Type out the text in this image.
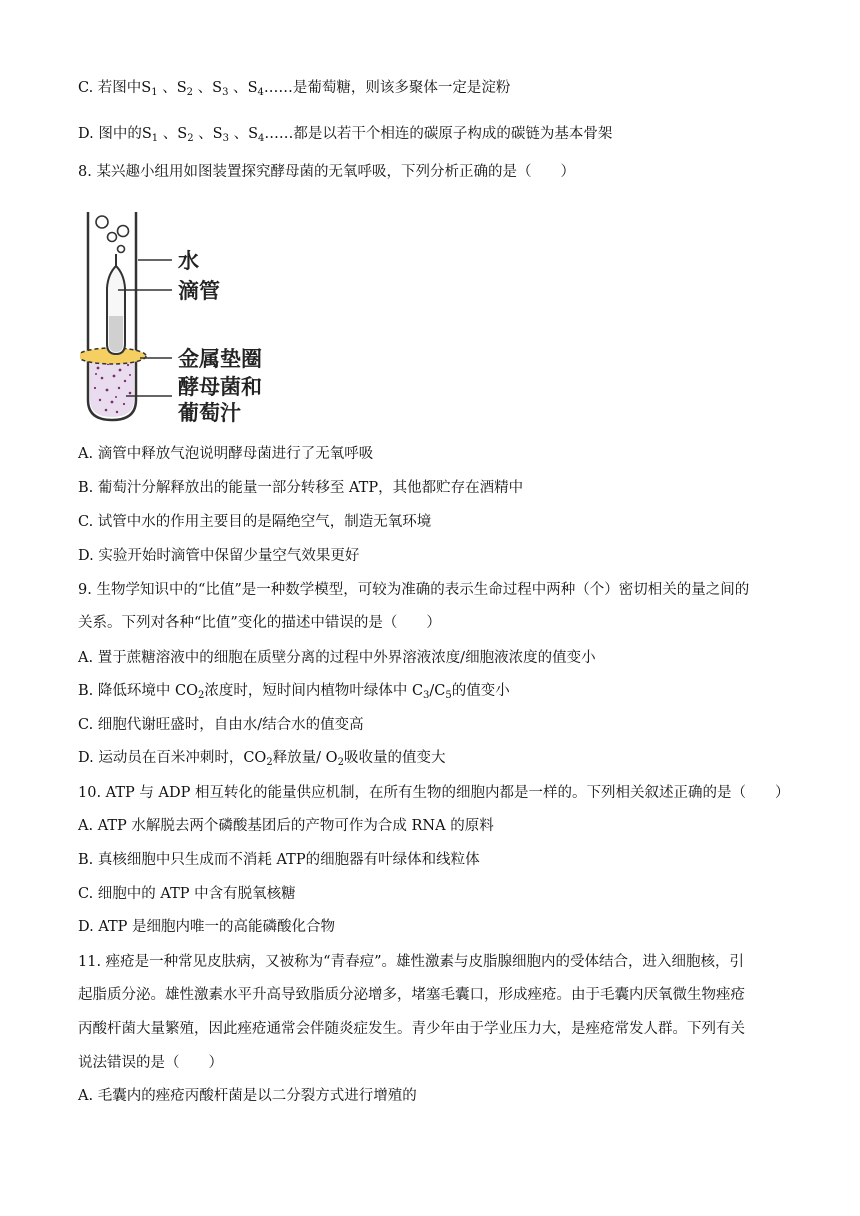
C. 若图中$S_1$ 、$S_2$ 、$S_3$ 、$S_4\dots\dots$是葡萄糖，则该多聚体一定是淀粉
D. 图中的$S_1$ 、$S_2$ 、$S_3$ 、$S_4\dots\dots$都是以若干个相连的碳原子构成的碳链为基本骨架
8. 某兴趣小组用如图装置探究酵母菌的无氧呼吸，下列分析正确的是（　　）
水
滴管
金属垫圈
酵母菌和
葡萄汁
A. 滴管中释放气泡说明酵母菌进行了无氧呼吸
B. 葡萄汁分解释放出的能量一部分转移至 ATP，其他都贮存在酒精中
C. 试管中水的作用主要目的是隔绝空气，制造无氧环境
D. 实验开始时滴管中保留少量空气效果更好
9. 生物学知识中的“比值”是一种数学模型，可较为准确的表示生命过程中两种（个）密切相关的量之间的
关系。下列对各种“比值”变化的描述中错误的是（　　）
A. 置于蔗糖溶液中的细胞在质壁分离的过程中外界溶液浓度/细胞液浓度的值变小
B. 降低环境中 $CO_2$浓度时，短时间内植物叶绿体中 $C_3/C_5$的值变小
C. 细胞代谢旺盛时，自由水/结合水的值变高
D. 运动员在百米冲刺时，$CO_2$释放量/ $O_2$吸收量的值变大
10. ATP 与 ADP 相互转化的能量供应机制，在所有生物的细胞内都是一样的。下列相关叙述正确的是（　　）
A. ATP 水解脱去两个磷酸基团后的产物可作为合成 RNA 的原料
B. 真核细胞中只生成而不消耗 ATP的细胞器有叶绿体和线粒体
C. 细胞中的 ATP 中含有脱氧核糖
D. ATP 是细胞内唯一的高能磷酸化合物
11. 痤疮是一种常见皮肤病，又被称为“青春痘”。雄性激素与皮脂腺细胞内的受体结合，进入细胞核，引
起脂质分泌。雄性激素水平升高导致脂质分泌增多，堵塞毛囊口，形成痤疮。由于毛囊内厌氧微生物痤疮
丙酸杆菌大量繁殖，因此痤疮通常会伴随炎症发生。青少年由于学业压力大，是痤疮常发人群。下列有关
说法错误的是（　　）
A. 毛囊内的痤疮丙酸杆菌是以二分裂方式进行增殖的
